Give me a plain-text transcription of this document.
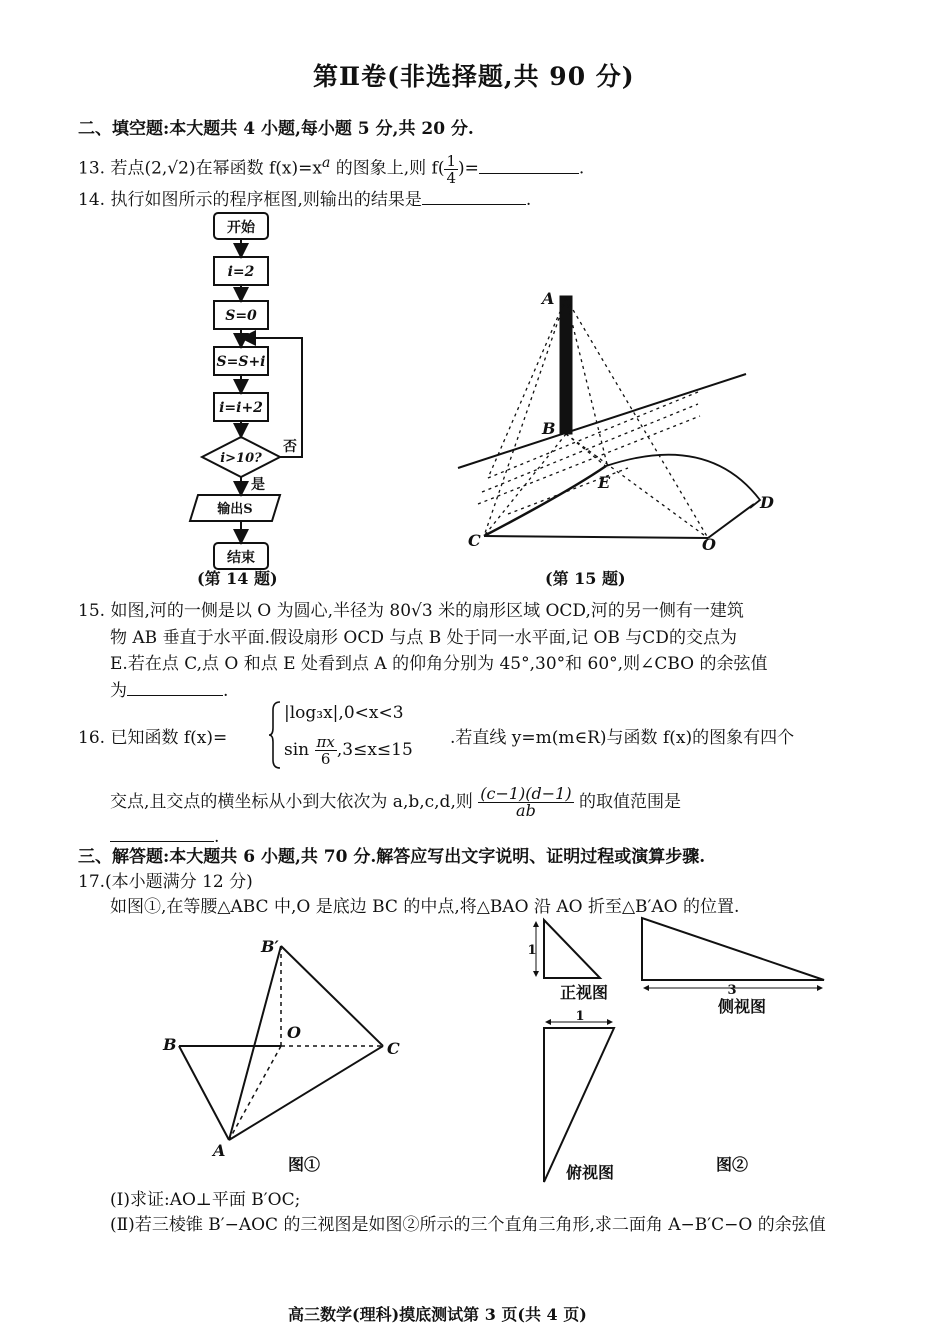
第Ⅱ卷(非选择题,共 90 分)
二、填空题:本大题共 4 小题,每小题 5 分,共 20 分.
13. 若点(2,√2)在幂函数 $f(x)=x^a$ 的图象上,则 $f( \frac{1}{4}$ )=	.
14. 执行如图所示的程序框图,则输出的结果是	.
开始
i=2
S=0
S=S+i
i=i+2
i>10?
否
是
输出S
结束
(第 14 题)
A
B
E
C	O
D
(第 15 题)
15. 如图,河的一侧是以 O 为圆心,半径为 80√3 米的扇形区域 OCD,河的另一侧有一建筑
物 AB 垂直于水平面.假设扇形 OCD 与点 B 处于同一水平面,记 OB 与CD的交点为
E.若在点 C,点 O 和点 E 处看到点 A 的仰角分别为 45°,30°和 60°,则∠CBO 的余弦值
为	.
16. 已知函数 f(x)=
|log₃x|,0<x<3
$\sin \frac{\pi x}{6} ,3\le x\le 15$
.若直线 y=m(m∈R)与函数 f(x)的图象有四个
交点,且交点的横坐标从小到大依次为 a,b,c,d,则 $\frac{(c-1)(d-1)}{ab}$ 的取值范围是
.
三、解答题:本大题共 6 小题,共 70 分.解答应写出文字说明、证明过程或演算步骤.
17.(本小题满分 12 分)
如图①,在等腰△ABC 中,O 是底边 BC 的中点,将△BAO 沿 AO 折至△B′AO 的位置.
B′
B
O
C
A
图①
1
3
1
正视图
侧视图
俯视图	图②
(Ⅰ)求证:AO⊥平面 B′OC;
(Ⅱ)若三棱锥 B′−AOC 的三视图是如图②所示的三个直角三角形,求二面角 A−B′C−O 的余弦值
高三数学(理科)摸底测试第 3 页(共 4 页)
